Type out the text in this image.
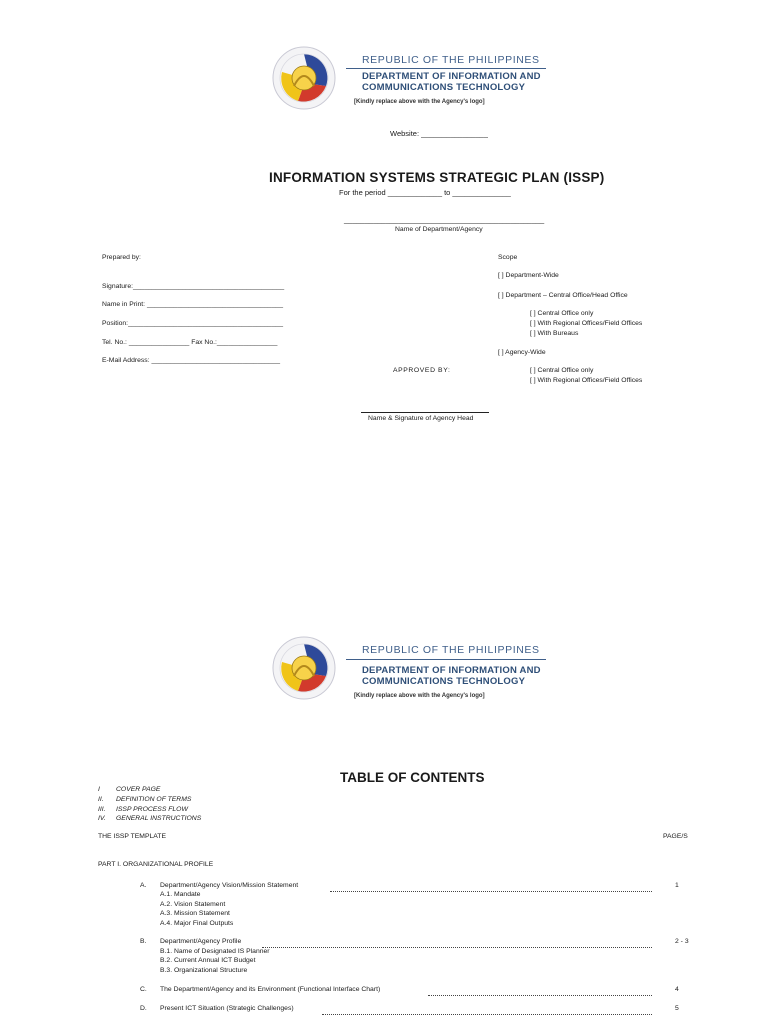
REPUBLIC OF THE PHILIPPINES
DEPARTMENT OF INFORMATION AND
COMMUNICATIONS TECHNOLOGY
[Kindly replace above with the Agency's logo]
Website: ________________
INFORMATION SYSTEMS STRATEGIC PLAN (ISSP)
For the period _____________ to ______________
________________________________________________
Name of Department/Agency
Prepared by:
Signature:________________________________________
Name in Print: ____________________________________
Position:_________________________________________
Tel. No.: ________________ Fax No.:________________
E-Mail Address: __________________________________
Scope
[ ] Department-Wide
[ ] Department – Central Office/Head Office
[ ] Central Office only
[ ] With Regional Offices/Field Offices
[ ] With Bureaus
[ ] Agency-Wide
[ ] Central Office only
[ ] With Regional Offices/Field Offices
APPROVED BY:
Name & Signature of Agency Head
REPUBLIC OF THE PHILIPPINES
DEPARTMENT OF INFORMATION AND
COMMUNICATIONS TECHNOLOGY
[Kindly replace above with the Agency's logo]
TABLE OF CONTENTS
I COVER PAGE
II. DEFINITION OF TERMS
III. ISSP PROCESS FLOW
IV. GENERAL INSTRUCTIONS
THE ISSP TEMPLATE	PAGE/S
PART I. ORGANIZATIONAL PROFILE
A. Department/Agency Vision/Mission Statement	1
A.1. Mandate
A.2. Vision Statement
A.3. Mission Statement
A.4. Major Final Outputs
B. Department/Agency Profile	2 - 3
B.1. Name of Designated IS Planner
B.2. Current Annual ICT Budget
B.3. Organizational Structure
C. The Department/Agency and its Environment (Functional Interface Chart)	4
D. Present ICT Situation (Strategic Challenges)	5
